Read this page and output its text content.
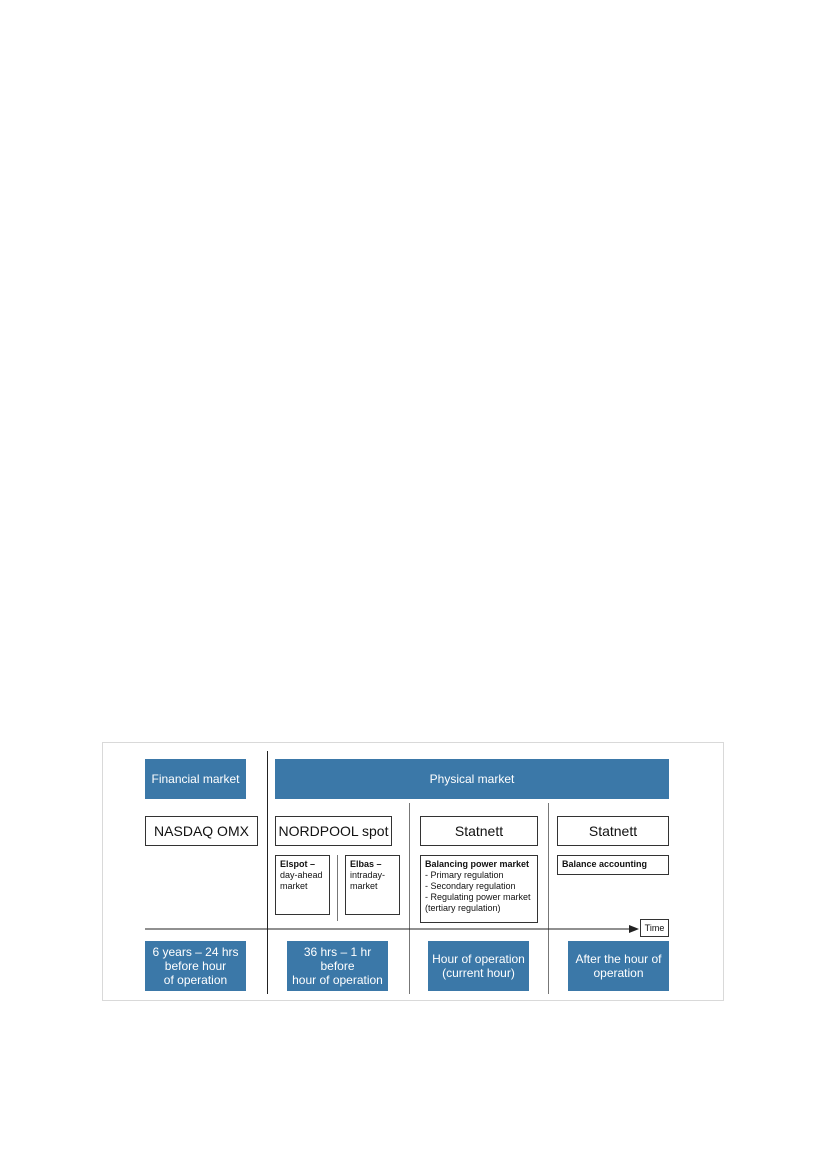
Financial market	Physical market
NASDAQ OMX	NORDPOOL spot	Statnett	Statnett
Elspot –
day-ahead
market
Elbas –
intraday-
market
Balancing power market
- Primary regulation
- Secondary regulation
- Regulating power market
(tertiary regulation)
Balance accounting
Time
6 years – 24 hrs
before hour
of operation
36 hrs – 1 hr before
hour of operation
Hour of operation
(current hour)
After the hour of
operation
